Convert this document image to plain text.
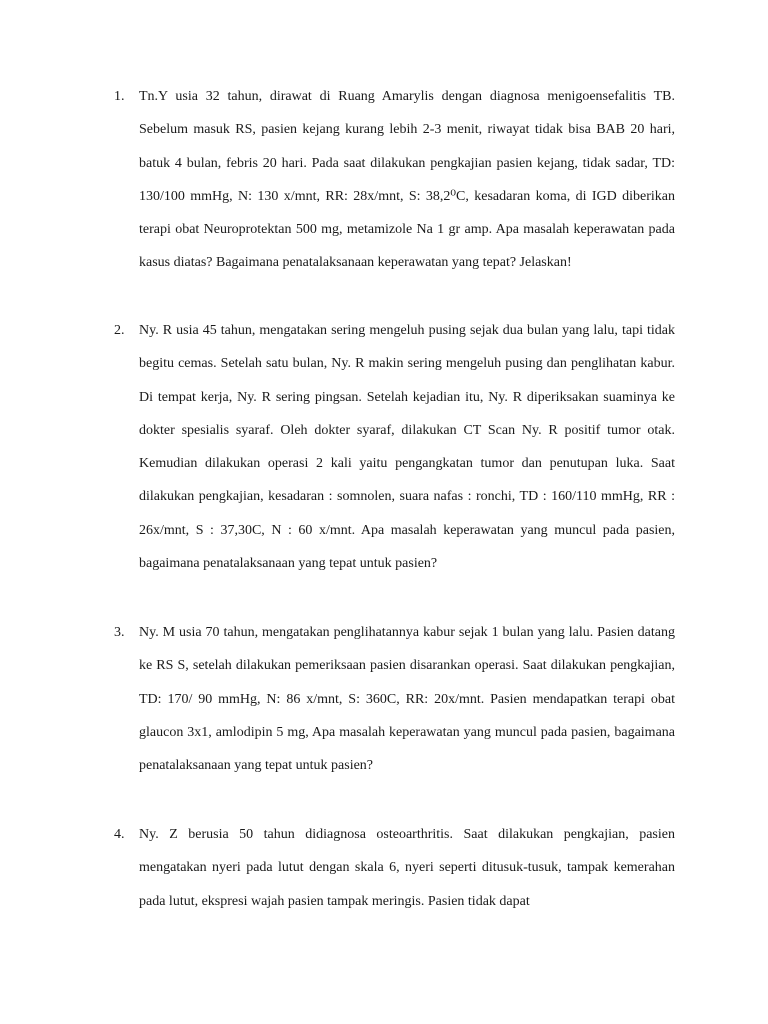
1.	Tn.Y usia 32 tahun, dirawat di Ruang Amarylis dengan diagnosa menigoensefalitis TB. Sebelum masuk RS, pasien kejang kurang lebih 2-3 menit, riwayat tidak bisa BAB 20 hari, batuk 4 bulan, febris 20 hari. Pada saat dilakukan pengkajian pasien kejang, tidak sadar, TD: 130/100 mmHg, N: 130 x/mnt, RR: 28x/mnt, S: 38,2⁰C, kesadaran koma, di IGD diberikan terapi obat Neuroprotektan 500 mg, metamizole Na 1 gr amp. Apa masalah keperawatan pada kasus diatas? Bagaimana penatalaksanaan keperawatan yang tepat? Jelaskan!

2.	Ny. R usia 45 tahun, mengatakan sering mengeluh pusing sejak dua bulan yang lalu, tapi tidak begitu cemas. Setelah satu bulan, Ny. R makin sering mengeluh pusing dan penglihatan kabur. Di tempat kerja, Ny. R sering pingsan. Setelah kejadian itu, Ny. R diperiksakan suaminya ke dokter spesialis syaraf. Oleh dokter syaraf, dilakukan CT Scan Ny. R positif tumor otak. Kemudian dilakukan operasi 2 kali yaitu pengangkatan tumor dan penutupan luka. Saat dilakukan pengkajian, kesadaran : somnolen, suara nafas : ronchi, TD : 160/110 mmHg, RR : 26x/mnt, S : 37,30C, N : 60 x/mnt. Apa masalah keperawatan yang muncul pada pasien, bagaimana penatalaksanaan yang tepat untuk pasien?

3.	Ny. M usia 70 tahun, mengatakan penglihatannya kabur sejak 1 bulan yang lalu. Pasien datang ke RS S, setelah dilakukan pemeriksaan pasien disarankan operasi. Saat dilakukan pengkajian, TD: 170/ 90 mmHg, N: 86 x/mnt, S: 360C, RR: 20x/mnt. Pasien mendapatkan terapi obat glaucon 3x1, amlodipin 5 mg, Apa masalah keperawatan yang muncul pada pasien, bagaimana penatalaksanaan yang tepat untuk pasien?

4.	Ny. Z berusia 50 tahun didiagnosa osteoarthritis. Saat dilakukan pengkajian, pasien mengatakan nyeri pada lutut dengan skala 6, nyeri seperti ditusuk-tusuk, tampak kemerahan pada lutut, ekspresi wajah pasien tampak meringis. Pasien tidak dapat
